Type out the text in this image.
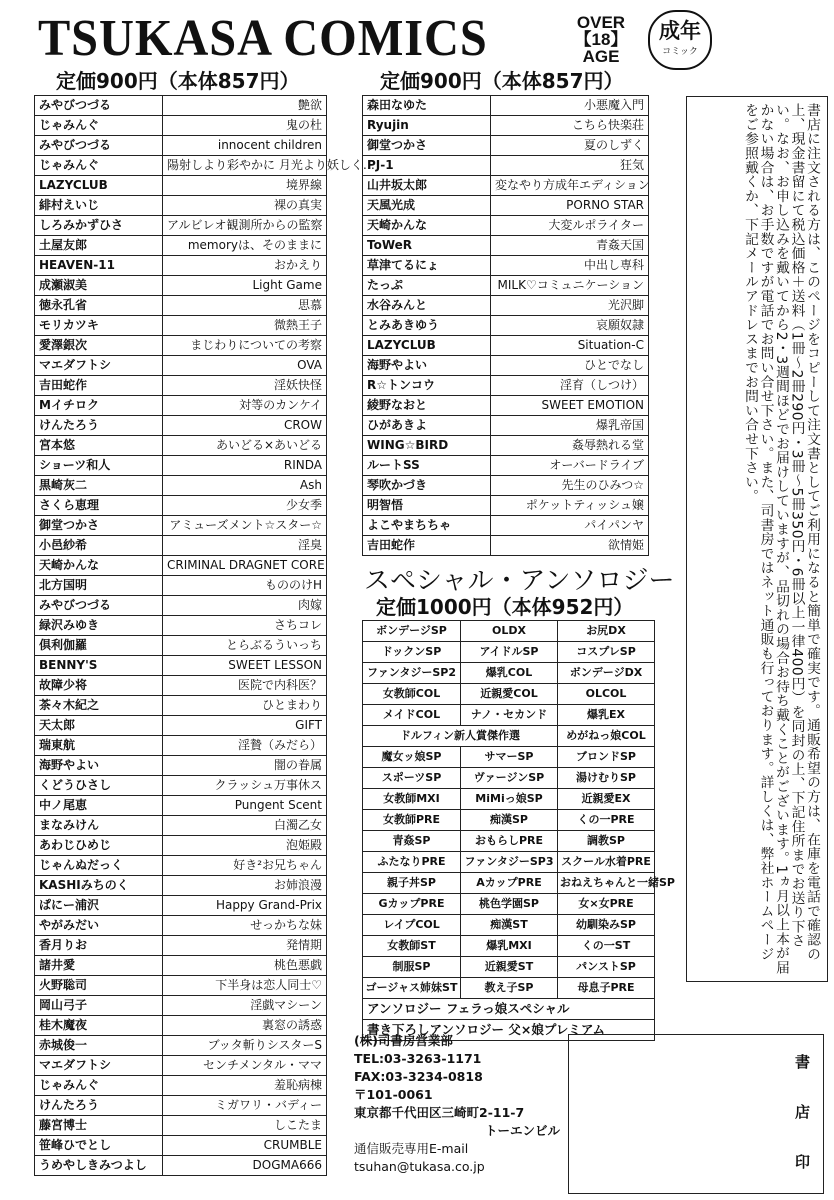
TSUKASA COMICS	OVER
【18】
AGE
成年
コミック
定価900円（本体857円）	定価900円（本体857円）
みやびつづる	艶欲
じゃみんぐ	鬼の杜
みやびつづる	innocent children
じゃみんぐ	陽射しより彩やかに 月光より妖しく…
LAZYCLUB	境界線
緋村えいじ	裸の真実
しろみかずひさ	アルビレオ観測所からの監察
土屋友郎	memoryは、そのままに
HEAVEN-11	おかえり
成瀬淑美	Light Game
徳永孔省	思慕
モリカツキ	微熱王子
愛澤銀次	まじわりについての考察
マエダフトシ	OVA
吉田蛇作	淫妖快怪
Mイチロク	対等のカンケイ
けんたろう	CROW
宮本悠	あいどる×あいどる
ショーツ和人	RINDA
黒崎灰二	Ash
さくら恵理	少女季
御堂つかさ	アミューズメント☆スター☆
小邑紗希	淫臭
天崎かんな	CRIMINAL DRAGNET CORE
北方国明	もののけH
みやびつづる	肉嫁
緑沢みゆき	さちコレ
倶利伽羅	とらぶるういっち
BENNY'S	SWEET LESSON
故障少将	医院で内科医？
茶々木紀之	ひとまわり
天太郎	GIFT
瑞東航	淫贄（みだら）
海野やよい	闇の眷属
くどうひさし	クラッシュ万事休ス
中ノ尾恵	Pungent Scent
まなみけん	白濁乙女
あわじひめじ	泡姫殿
じゃんぬだっく	好き²お兄ちゃん
KASHIみちのく	お姉浪漫
ぱにー浦沢	Happy Grand-Prix
やがみだい	せっかちな妹
香月りお	発情期
諸井愛	桃色悪戯
火野聡司	下半身は恋人同士♡
岡山弓子	淫戯マシーン
桂木魔夜	裏窓の誘惑
赤城俊一	ブッタ斬りシスターS
マエダフトシ	センチメンタル・ママ
じゃみんぐ	羞恥病棟
けんたろう	ミガワリ・バディー
藤宮博士	しこたま
笹峰ひでとし	CRUMBLE
うめやしきみつよし	DOGMA666
森田なゆた	小悪魔入門
Ryujin	こちら快楽荘
御堂つかさ	夏のしずく
PJ-1	狂気
山井坂太郎	変なやり方成年エディション
天風光成	PORNO STAR
天崎かんな	大変ルポライター
ToWeR	青姦天国
草津てるにょ	中出し専科
たっぷ	MILK♡コミュニケーション
水谷みんと	光沢脚
とみあきゆう	哀願奴隷
LAZYCLUB	Situation-C
海野やよい	ひとでなし
R☆トンコウ	淫育（しつけ）
綾野なおと	SWEET EMOTION
ひがあきよ	爆乳帝国
WING☆BIRD	姦辱熱れる堂
ルートSS	オーバードライブ
琴吹かづき	先生のひみつ☆
明智悟	ポケットティッシュ嬢
よこやまちちゃ	パイパンヤ
吉田蛇作	欲情姫
スペシャル・アンソロジー
定価1000円（本体952円）
ボンデージSP	OLDX	お尻DX
ドックンSP	アイドルSP	コスプレSP
ファンタジーSP2	爆乳COL	ボンデージDX
女教師COL	近親愛COL	OLCOL
メイドCOL	ナノ・セカンド	爆乳EX
ドルフィン新人賞傑作選		めがねっ娘COL
魔女ッ娘SP	サマーSP	ブロンドSP
スポーツSP	ヴァージンSP	湯けむりSP
女教師MXI	MiMiっ娘SP	近親愛EX
女教師PRE	痴漢SP	くの一PRE
青姦SP	おもらしPRE	調教SP
ふたなりPRE	ファンタジーSP3	スクール水着PRE
親子丼SP	AカップPRE	おねえちゃんと一緒SP
GカップPRE	桃色学園SP	女×女PRE
レイプCOL	痴漢ST	幼馴染みSP
女教師ST	爆乳MXI	くの一ST
制服SP	近親愛ST	パンストSP
ゴージャス姉妹ST	教え子SP	母息子PRE
アンソロジー フェラっ娘スペシャル		
書き下ろしアンソロジー 父×娘プレミアム		
書店に注文される方は、このページをコピーして注文書としてご利用になると簡単で確実です。通販希望の方は、在庫を電話で確認の上、現金書留にて税込価格＋送料（1冊～2冊290円・3冊～5冊350円・6冊以上一律400円）を同封の上、下記住所までお送り下さい。なお、お申し込みを戴いてから2・3週間ほどでお届けしていますが、品切れの場合お待ち戴くことがございます。1ヵ月以上本が届かない場合は、お手数ですが電話でお問い合せ下さい。また、司書房ではネット通販も行っております。詳しくは、弊社ホームページをご参照戴くか、下記メールアドレスまでお問い合せ下さい。
(株)司書房営業部
TEL:03-3263-1171
FAX:03-3234-0818
〒101-0061
東京都千代田区三崎町2-11-7
トーエンビル
通信販売専用E-mail
tsuhan@tukasa.co.jp
書
店
印
